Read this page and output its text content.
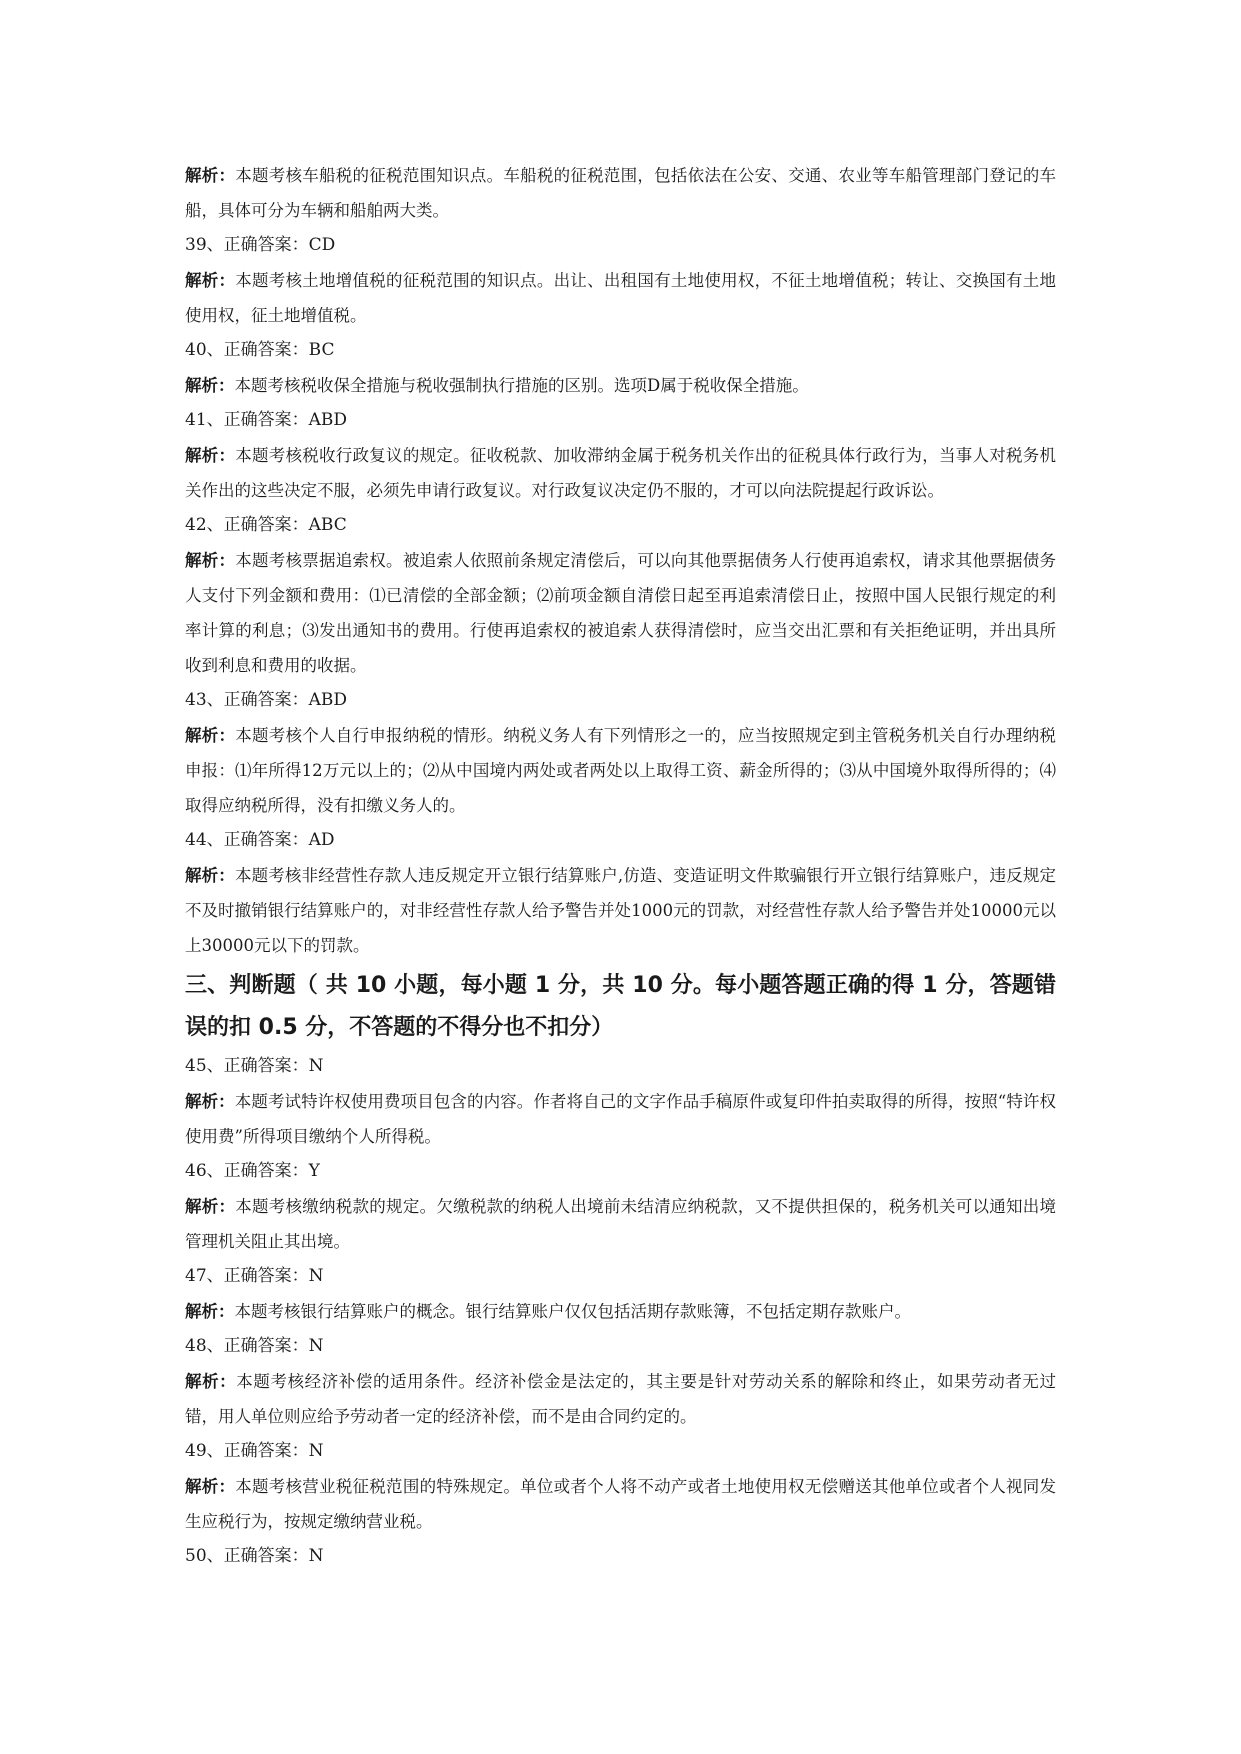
解析：本题考核车船税的征税范围知识点。车船税的征税范围，包括依法在公安、交通、农业等车船管理部门登记的车船，具体可分为车辆和船舶两大类。
39、正确答案：CD
解析：本题考核土地增值税的征税范围的知识点。出让、出租国有土地使用权，不征土地增值税；转让、交换国有土地使用权，征土地增值税。
40、正确答案：BC
解析：本题考核税收保全措施与税收强制执行措施的区别。选项D属于税收保全措施。
41、正确答案：ABD
解析：本题考核税收行政复议的规定。征收税款、加收滞纳金属于税务机关作出的征税具体行政行为，当事人对税务机关作出的这些决定不服，必须先申请行政复议。对行政复议决定仍不服的，才可以向法院提起行政诉讼。
42、正确答案：ABC
解析：本题考核票据追索权。被追索人依照前条规定清偿后，可以向其他票据债务人行使再追索权，请求其他票据债务人支付下列金额和费用：⑴已清偿的全部金额；⑵前项金额自清偿日起至再追索清偿日止，按照中国人民银行规定的利率计算的利息；⑶发出通知书的费用。行使再追索权的被追索人获得清偿时，应当交出汇票和有关拒绝证明，并出具所收到利息和费用的收据。
43、正确答案：ABD
解析：本题考核个人自行申报纳税的情形。纳税义务人有下列情形之一的，应当按照规定到主管税务机关自行办理纳税申报：⑴年所得12万元以上的；⑵从中国境内两处或者两处以上取得工资、薪金所得的；⑶从中国境外取得所得的；⑷取得应纳税所得，没有扣缴义务人的。
44、正确答案：AD
解析：本题考核非经营性存款人违反规定开立银行结算账户,仿造、变造证明文件欺骗银行开立银行结算账户，违反规定不及时撤销银行结算账户的，对非经营性存款人给予警告并处1000元的罚款，对经营性存款人给予警告并处10000元以上30000元以下的罚款。
三、判断题（ 共 10 小题，每小题 1 分，共 10 分。每小题答题正确的得 1 分，答题错误的扣 0.5 分，不答题的不得分也不扣分）
45、正确答案：N
解析：本题考试特许权使用费项目包含的内容。作者将自己的文字作品手稿原件或复印件拍卖取得的所得，按照“特许权使用费”所得项目缴纳个人所得税。
46、正确答案：Y
解析：本题考核缴纳税款的规定。欠缴税款的纳税人出境前未结清应纳税款，又不提供担保的，税务机关可以通知出境管理机关阻止其出境。
47、正确答案：N
解析：本题考核银行结算账户的概念。银行结算账户仅仅包括活期存款账簿，不包括定期存款账户。
48、正确答案：N
解析：本题考核经济补偿的适用条件。经济补偿金是法定的，其主要是针对劳动关系的解除和终止，如果劳动者无过错，用人单位则应给予劳动者一定的经济补偿，而不是由合同约定的。
49、正确答案：N
解析：本题考核营业税征税范围的特殊规定。单位或者个人将不动产或者土地使用权无偿赠送其他单位或者个人视同发生应税行为，按规定缴纳营业税。
50、正确答案：N
